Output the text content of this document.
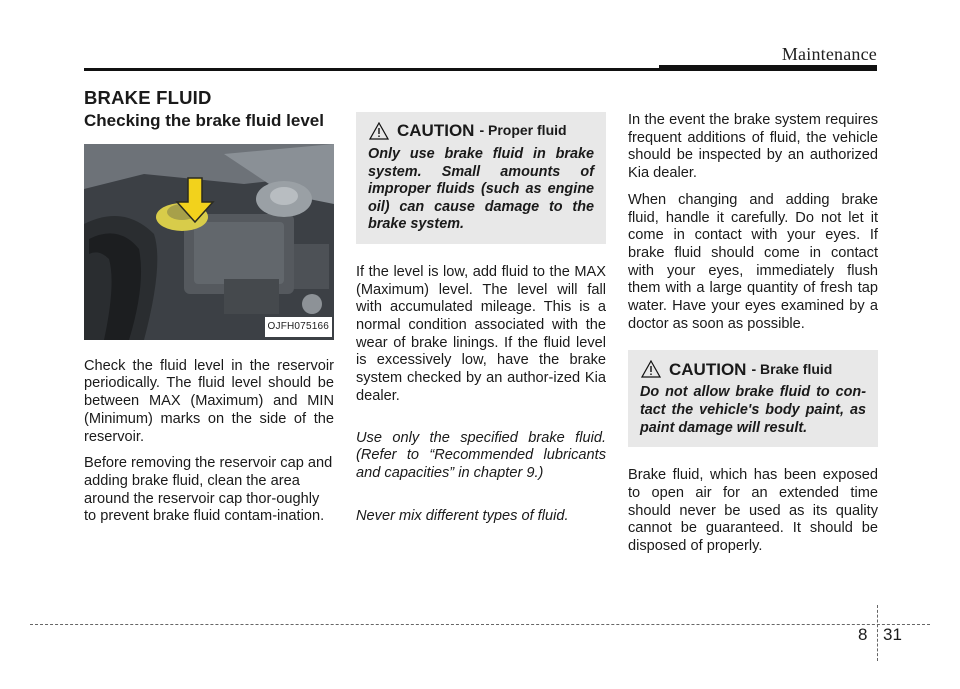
Maintenance
BRAKE FLUID
Checking the brake fluid level
OJFH075166

Check the fluid level in the reservoir periodically. The fluid level should be between MAX (Maximum) and MIN (Minimum) marks on the side of the reservoir.

Before removing the reservoir cap and adding brake fluid, clean the area around the reservoir cap thor-oughly to prevent brake fluid contam-ination.

CAUTION - Proper fluid
Only use brake fluid in brake system. Small amounts of improper fluids (such as engine oil) can cause damage to the brake system.

If the level is low, add fluid to the MAX (Maximum) level. The level will fall with accumulated mileage. This is a normal condition associated with the wear of brake linings. If the fluid level is excessively low, have the brake system checked by an author-ized Kia dealer.

Use only the specified brake fluid. (Refer to “Recommended lubricants and capacities” in chapter 9.)

Never mix different types of fluid.

In the event the brake system requires frequent additions of fluid, the vehicle should be inspected by an authorized Kia dealer.

When changing and adding brake fluid, handle it carefully. Do not let it come in contact with your eyes. If brake fluid should come in contact with your eyes, immediately flush them with a large quantity of fresh tap water. Have your eyes examined by a doctor as soon as possible.

CAUTION - Brake fluid
Do not allow brake fluid to con-tact the vehicle's body paint, as paint damage will result.

Brake fluid, which has been exposed to open air for an extended time should never be used as its quality cannot be guaranteed. It should be disposed of properly.

8 31
